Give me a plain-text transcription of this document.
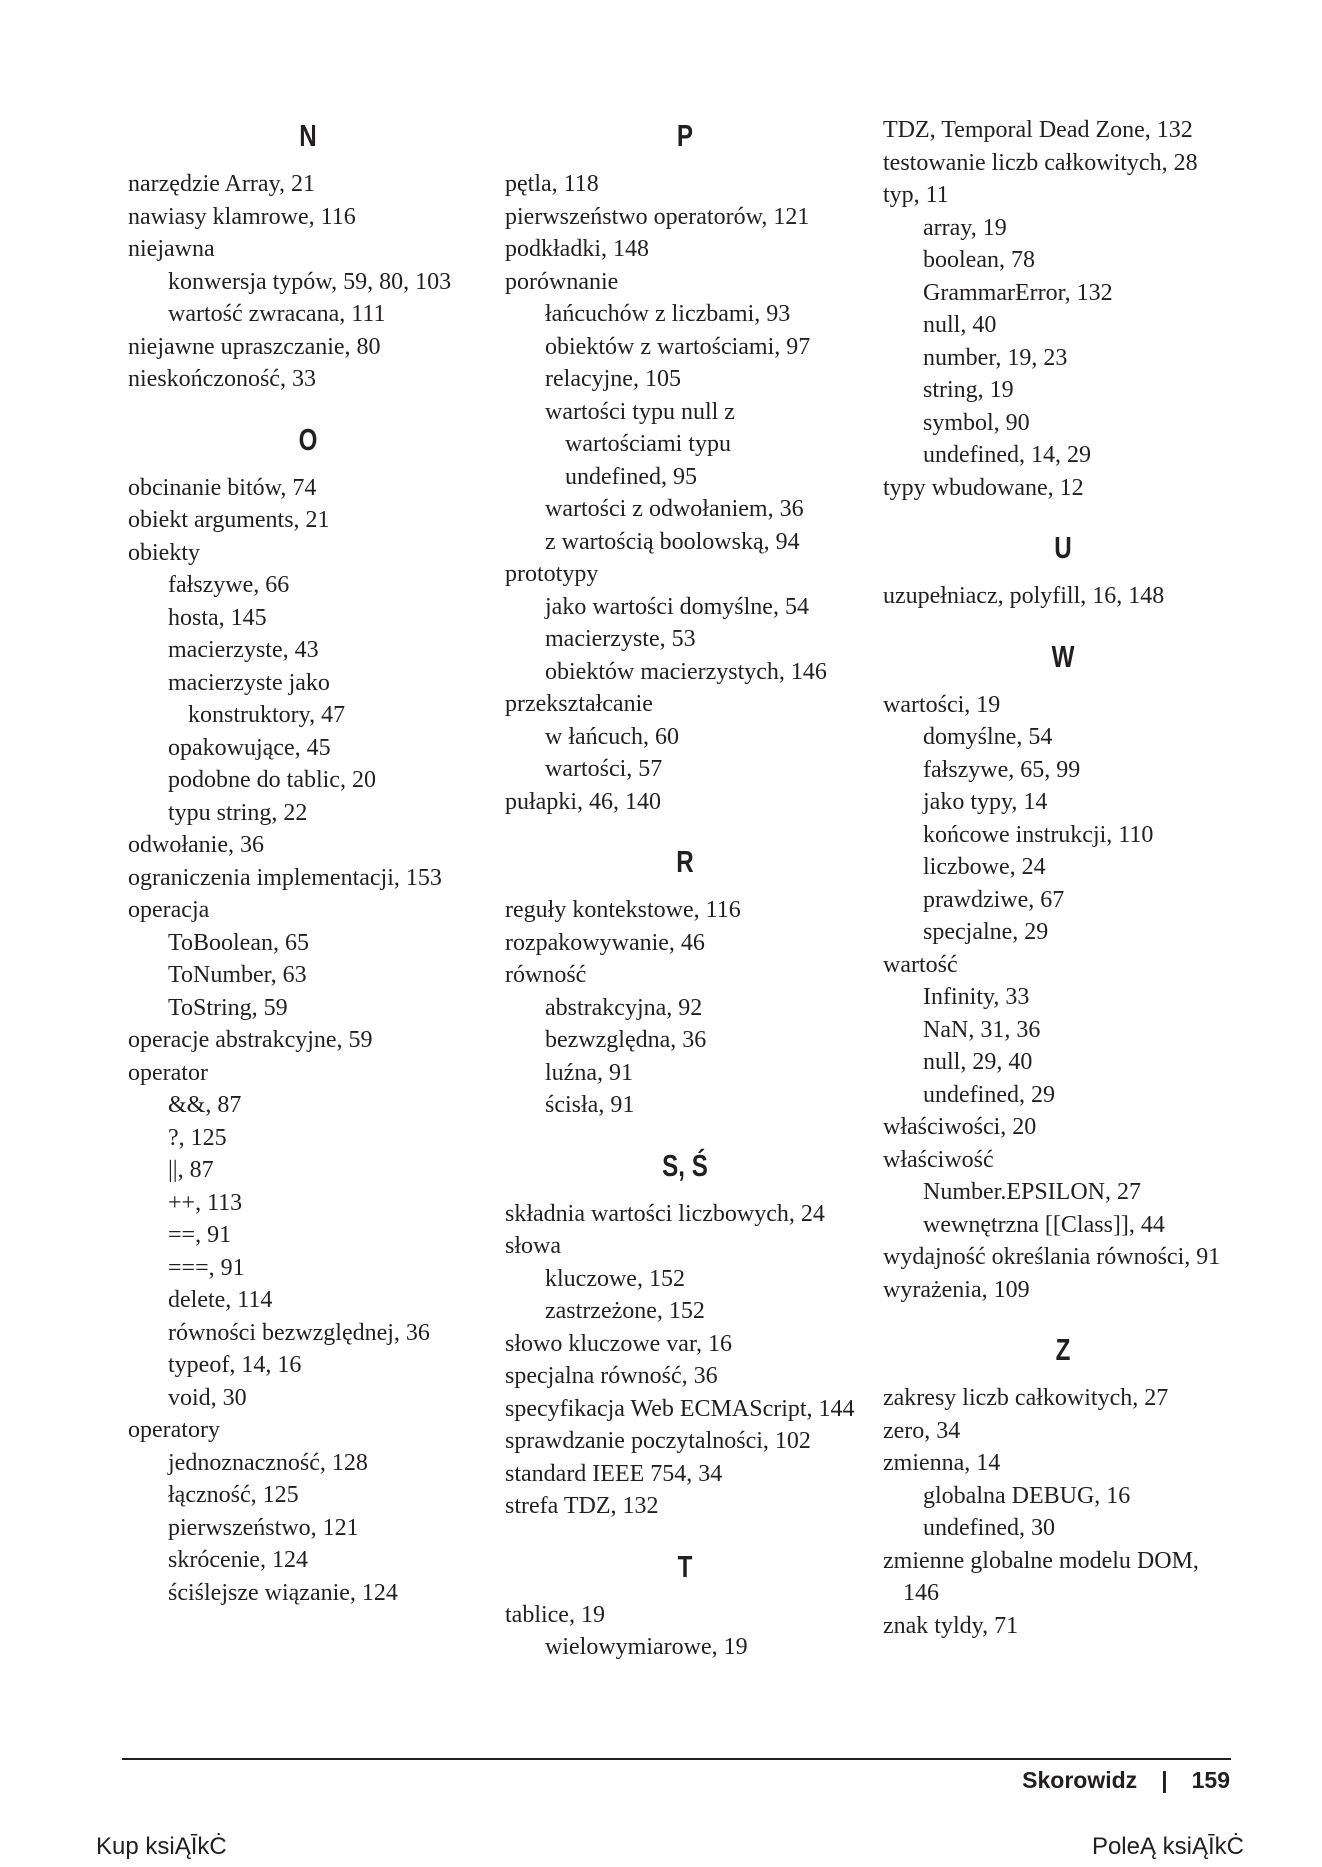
N
narzędzie Array, 21
nawiasy klamrowe, 116
niejawna
konwersja typów, 59, 80, 103
wartość zwracana, 111
niejawne upraszczanie, 80
nieskończoność, 33
O
obcinanie bitów, 74
obiekt arguments, 21
obiekty
fałszywe, 66
hosta, 145
macierzyste, 43
macierzyste jako
konstruktory, 47
opakowujące, 45
podobne do tablic, 20
typu string, 22
odwołanie, 36
ograniczenia implementacji, 153
operacja
ToBoolean, 65
ToNumber, 63
ToString, 59
operacje abstrakcyjne, 59
operator
&&, 87
?, 125
||, 87
++, 113
==, 91
===, 91
delete, 114
równości bezwzględnej, 36
typeof, 14, 16
void, 30
operatory
jednoznaczność, 128
łączność, 125
pierwszeństwo, 121
skrócenie, 124
ściślejsze wiązanie, 124
P
pętla, 118
pierwszeństwo operatorów, 121
podkładki, 148
porównanie
łańcuchów z liczbami, 93
obiektów z wartościami, 97
relacyjne, 105
wartości typu null z
wartościami typu
undefined, 95
wartości z odwołaniem, 36
z wartością boolowską, 94
prototypy
jako wartości domyślne, 54
macierzyste, 53
obiektów macierzystych, 146
przekształcanie
w łańcuch, 60
wartości, 57
pułapki, 46, 140
R
reguły kontekstowe, 116
rozpakowywanie, 46
równość
abstrakcyjna, 92
bezwzględna, 36
luźna, 91
ścisła, 91
S, Ś
składnia wartości liczbowych, 24
słowa
kluczowe, 152
zastrzeżone, 152
słowo kluczowe var, 16
specjalna równość, 36
specyfikacja Web ECMAScript, 144
sprawdzanie poczytalności, 102
standard IEEE 754, 34
strefa TDZ, 132
T
tablice, 19
wielowymiarowe, 19
TDZ, Temporal Dead Zone, 132
testowanie liczb całkowitych, 28
typ, 11
array, 19
boolean, 78
GrammarError, 132
null, 40
number, 19, 23
string, 19
symbol, 90
undefined, 14, 29
typy wbudowane, 12
U
uzupełniacz, polyfill, 16, 148
W
wartości, 19
domyślne, 54
fałszywe, 65, 99
jako typy, 14
końcowe instrukcji, 110
liczbowe, 24
prawdziwe, 67
specjalne, 29
wartość
Infinity, 33
NaN, 31, 36
null, 29, 40
undefined, 29
właściwości, 20
właściwość
Number.EPSILON, 27
wewnętrzna [[Class]], 44
wydajność określania równości, 91
wyrażenia, 109
Z
zakresy liczb całkowitych, 27
zero, 34
zmienna, 14
globalna DEBUG, 16
undefined, 30
zmienne globalne modelu DOM,
146
znak tyldy, 71
Skorowidz | 159
Kup ksiĄĪkĊ	PoleĄ ksiĄĪkĊ
